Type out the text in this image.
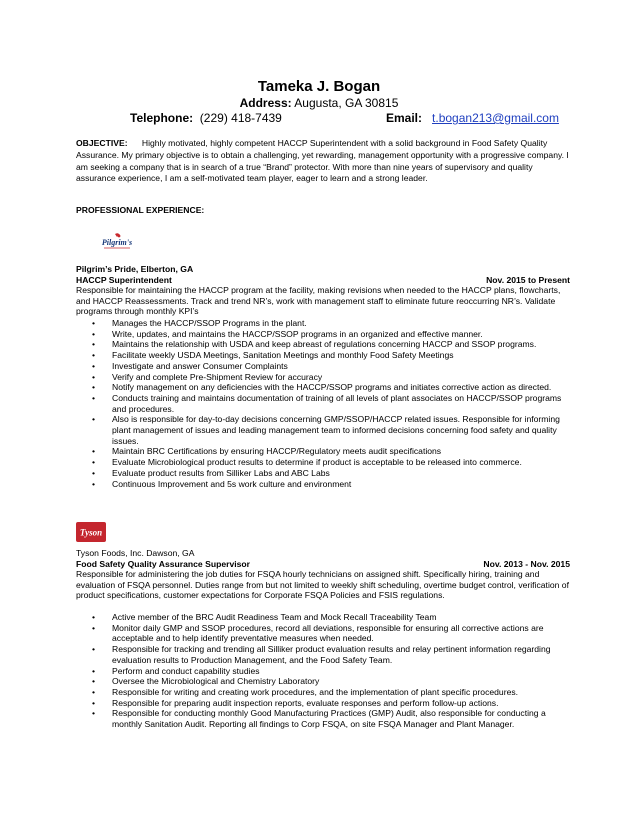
Tameka J. Bogan
Address: Augusta, GA 30815
Telephone: (229) 418-7439	Email: t.bogan213@gmail.com

OBJECTIVE: Highly motivated, highly competent HACCP Superintendent with a solid background in Food Safety Quality Assurance. My primary objective is to obtain a challenging, yet rewarding, management opportunity with a progressive company. I am seeking a company that is in search of a true “Brand” protector. With more than nine years of supervisory and quality assurance experience, I am a self-motivated team player, eager to learn and a strong leader.

PROFESSIONAL EXPERIENCE:
Pilgrim's
Pilgrim’s Pride, Elberton, GA
HACCP Superintendent	Nov. 2015 to Present
Responsible for maintaining the HACCP program at the facility, making revisions when needed to the HACCP plans, flowcharts, and HACCP Reassessments. Track and trend NR’s, work with management staff to eliminate future reoccurring NR’s. Validate programs through monthly KPI’s
• Manages the HACCP/SSOP Programs in the plant.
• Write, updates, and maintains the HACCP/SSOP programs in an organized and effective manner.
• Maintains the relationship with USDA and keep abreast of regulations concerning HACCP and SSOP programs.
• Facilitate weekly USDA Meetings, Sanitation Meetings and monthly Food Safety Meetings
• Investigate and answer Consumer Complaints
• Verify and complete Pre-Shipment Review for accuracy
• Notify management on any deficiencies with the HACCP/SSOP programs and initiates corrective action as directed.
• Conducts training and maintains documentation of training of all levels of plant associates on HACCP/SSOP programs and procedures.
• Also is responsible for day-to-day decisions concerning GMP/SSOP/HACCP related issues. Responsible for informing plant management of issues and leading management team to informed decisions concerning food safety and quality issues.
• Maintain BRC Certifications by ensuring HACCP/Regulatory meets audit specifications
• Evaluate Microbiological product results to determine if product is acceptable to be released into commerce.
• Evaluate product results from Silliker Labs and ABC Labs
• Continuous Improvement and 5s work culture and environment
Tyson
Tyson Foods, Inc. Dawson, GA
Food Safety Quality Assurance Supervisor	Nov. 2013 - Nov. 2015
Responsible for administering the job duties for FSQA hourly technicians on assigned shift. Specifically hiring, training and evaluation of FSQA personnel. Duties range from but not limited to weekly shift scheduling, overtime budget control, verification of product specifications, customer expectations for Corporate FSQA Policies and FSIS regulations.
• Active member of the BRC Audit Readiness Team and Mock Recall Traceability Team
• Monitor daily GMP and SSOP procedures, record all deviations, responsible for ensuring all corrective actions are acceptable and to help identify preventative measures when needed.
• Responsible for tracking and trending all Silliker product evaluation results and relay pertinent information regarding evaluation results to Production Management, and the Food Safety Team.
• Perform and conduct capability studies
• Oversee the Microbiological and Chemistry Laboratory
• Responsible for writing and creating work procedures, and the implementation of plant specific procedures.
• Responsible for preparing audit inspection reports, evaluate responses and perform follow-up actions.
• Responsible for conducting monthly Good Manufacturing Practices (GMP) Audit, also responsible for conducting a monthly Sanitation Audit. Reporting all findings to Corp FSQA, on site FSQA Manager and Plant Manager.
